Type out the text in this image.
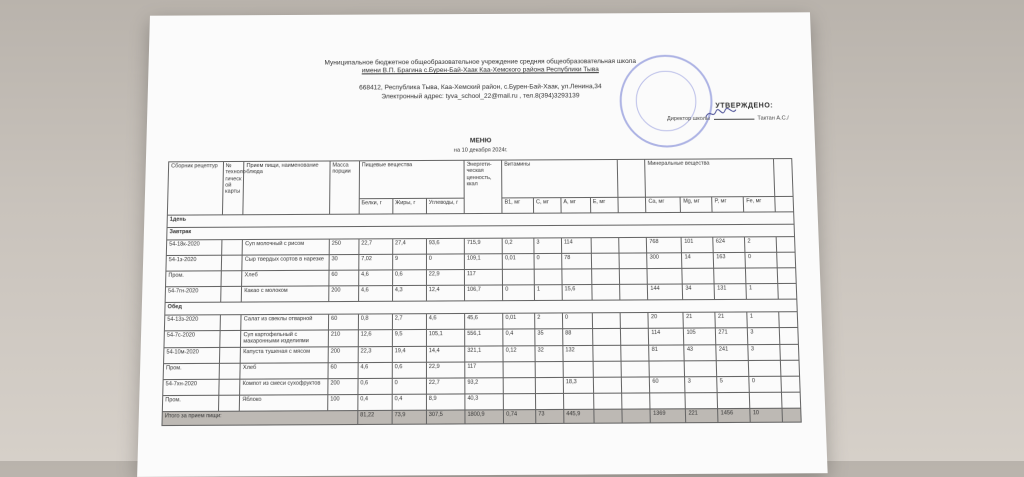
Муниципальное бюджетное общеобразовательное учреждение средняя общеобразовательная школа
имени В.П. Брагина с.Бурен-Бай-Хаак Каа-Хемского района Республики Тыва
668412, Республика Тыва, Каа-Хемский район, с.Бурен-Бай-Хаак, ул.Ленина,34
Электронный адрес: tyva_school_22@mail.ru , тел.8(394)3293139
УТВЕРЖДЕНО:
Директор школы	Тактан А.С./
МЕНЮ
на 10 декабря 2024г.
Сборник рецептур	№ техноло-гическ ой карты	Прием пищи, наименование блюда	Масса порции	Пищевые вещества			Энергети-ческая ценность, ккал	Витамины					Минеральные вещества				
				Белки, г	Жиры, г	Углеводы, г		B1, мг	C, мг	A, мг	E, мг		Ca, мг	Mg, мг	P, мг	Fe, мг	
1день																	
Завтрак																	
54-18к-2020		Суп молочный с рисом	250	22,7	27,4	93,6	715,9	0,2	3	114			768	101	624	2	
54-1з-2020		Сыр твердых сортов в нарезке	30	7,02	9	0	109,1	0,01	0	78			300	14	163	0	
Пром.		Хлеб	60	4,6	0,6	22,9	117										
54-7гн-2020		Какао с молоком	200	4,6	4,3	12,4	106,7	0	1	15,6			144	34	131	1	
Обед																	
54-13з-2020		Салат из свеклы отварной	60	0,8	2,7	4,6	45,6	0,01	2	0			20	21	21	1	
54-7с-2020		Суп картофельный с макаронными изделиями	210	12,6	9,5	105,1	556,1	0,4	35	88			114	105	271	3	
54-10м-2020		Капуста тушеная с мясом	200	22,3	19,4	14,4	321,1	0,12	32	132			81	43	241	3	
Пром.		Хлеб	60	4,6	0,6	22,9	117										
54-7хн-2020		Компот из смеси сухофруктов	200	0,6	0	22,7	93,2			18,3			60	3	5	0	
Пром.		Яблоко	100	0,4	0,4	8,9	40,3										
Итого за прием пищи:				81,22	73,9	307,5	1800,9	0,74	73	445,9			1369	221	1456	10	
